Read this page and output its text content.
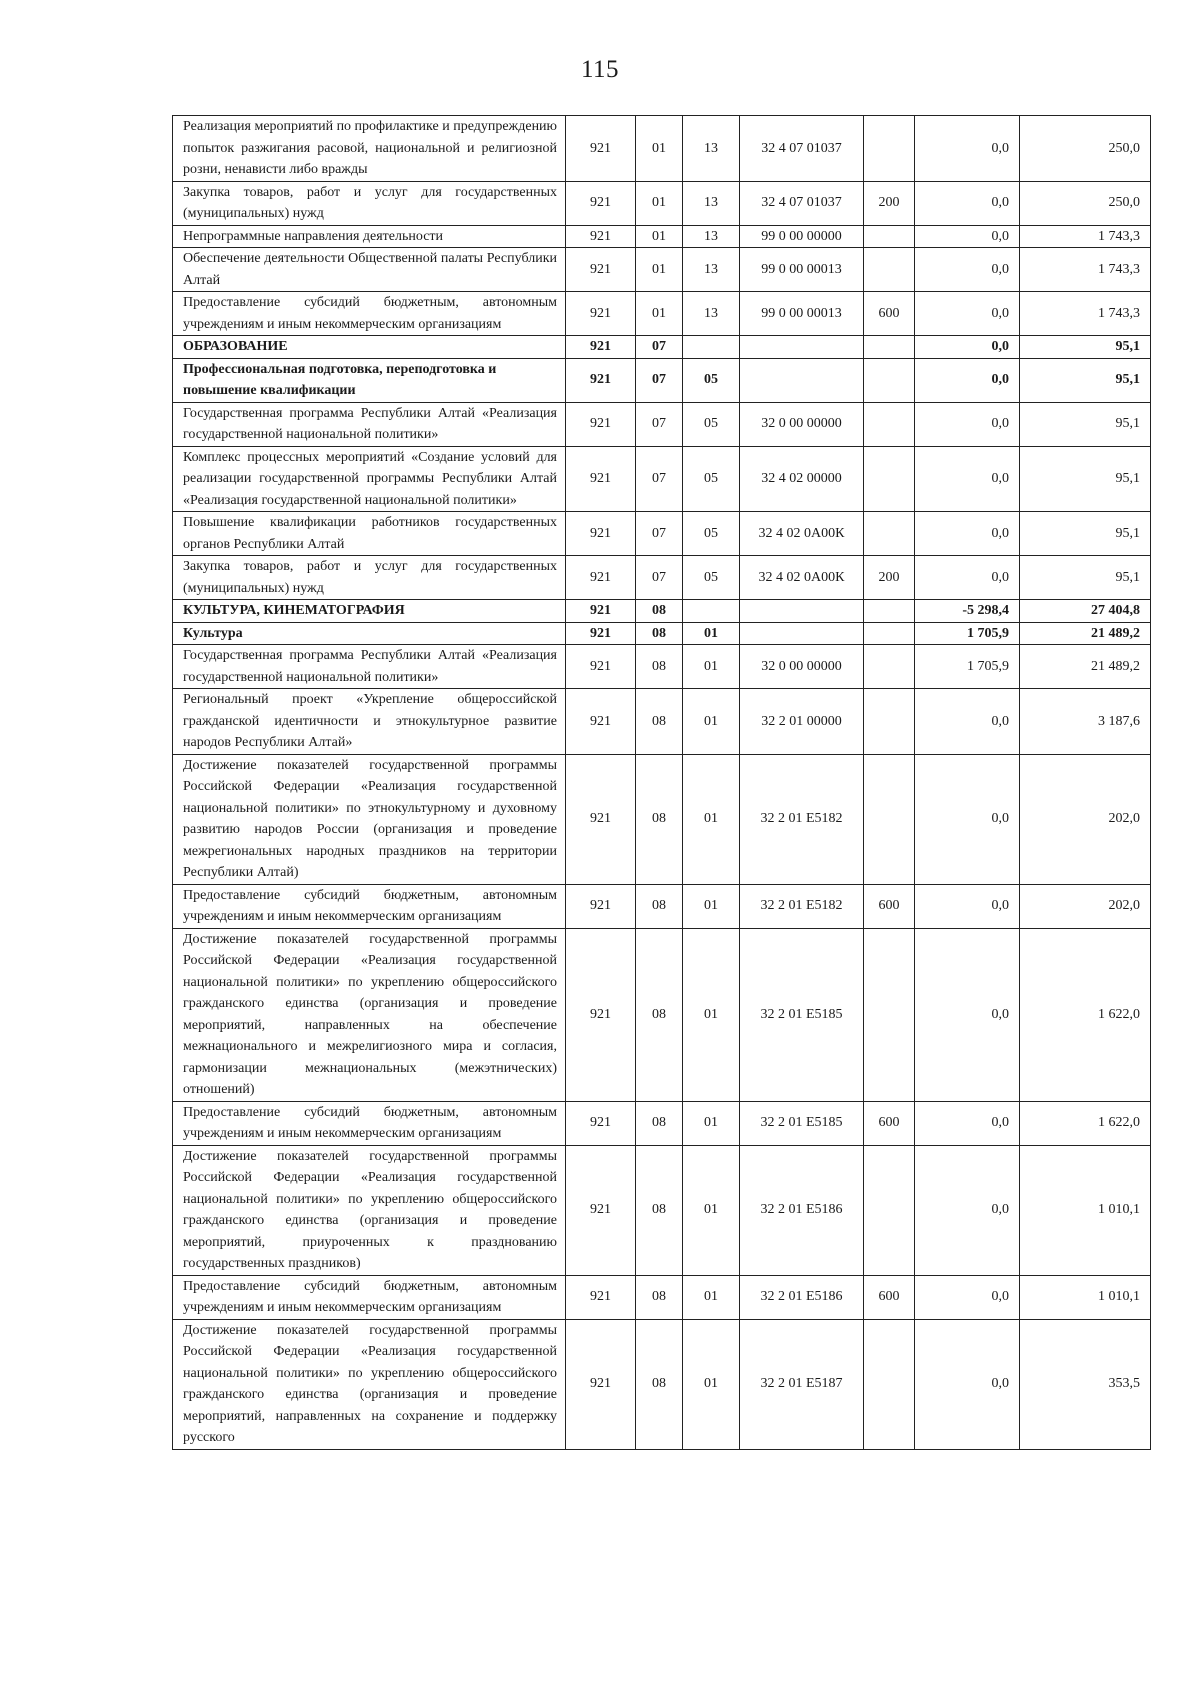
115
Реализация мероприятий по профилактике и предупреждению попыток разжигания расовой, национальной и религиозной розни, ненависти либо вражды	921	01	13	32 4 07 01037		0,0	250,0
Закупка товаров, работ и услуг для государственных (муниципальных) нужд	921	01	13	32 4 07 01037	200	0,0	250,0
Непрограммные направления деятельности	921	01	13	99 0 00 00000		0,0	1 743,3
Обеспечение деятельности Общественной палаты Республики Алтай	921	01	13	99 0 00 00013		0,0	1 743,3
Предоставление субсидий бюджетным, автономным учреждениям и иным некоммерческим организациям	921	01	13	99 0 00 00013	600	0,0	1 743,3
ОБРАЗОВАНИЕ	921	07				0,0	95,1
Профессиональная подготовка, переподготовка и повышение квалификации	921	07	05			0,0	95,1
Государственная программа Республики Алтай «Реализация государственной национальной политики»	921	07	05	32 0 00 00000		0,0	95,1
Комплекс процессных мероприятий «Создание условий для реализации государственной программы Республики Алтай «Реализация государственной национальной политики»	921	07	05	32 4 02 00000		0,0	95,1
Повышение квалификации работников государственных органов Республики Алтай	921	07	05	32 4 02 0А00К		0,0	95,1
Закупка товаров, работ и услуг для государственных (муниципальных) нужд	921	07	05	32 4 02 0А00К	200	0,0	95,1
КУЛЬТУРА, КИНЕМАТОГРАФИЯ	921	08				-5 298,4	27 404,8
Культура	921	08	01			1 705,9	21 489,2
Государственная программа Республики Алтай «Реализация государственной национальной политики»	921	08	01	32 0 00 00000		1 705,9	21 489,2
Региональный проект «Укрепление общероссийской гражданской идентичности и этнокультурное развитие народов Республики Алтай»	921	08	01	32 2 01 00000		0,0	3 187,6
Достижение показателей государственной программы Российской Федерации «Реализация государственной национальной политики» по этнокультурному и духовному развитию народов России (организация и проведение межрегиональных народных праздников на территории Республики Алтай)	921	08	01	32 2 01 E5182		0,0	202,0
Предоставление субсидий бюджетным, автономным учреждениям и иным некоммерческим организациям	921	08	01	32 2 01 E5182	600	0,0	202,0
Достижение показателей государственной программы Российской Федерации «Реализация государственной национальной политики» по укреплению общероссийского гражданского единства (организация и проведение мероприятий, направленных на обеспечение межнационального и межрелигиозного мира и согласия, гармонизации межнациональных (межэтнических) отношений)	921	08	01	32 2 01 E5185		0,0	1 622,0
Предоставление субсидий бюджетным, автономным учреждениям и иным некоммерческим организациям	921	08	01	32 2 01 E5185	600	0,0	1 622,0
Достижение показателей государственной программы Российской Федерации «Реализация государственной национальной политики» по укреплению общероссийского гражданского единства (организация и проведение мероприятий, приуроченных к празднованию государственных праздников)	921	08	01	32 2 01 E5186		0,0	1 010,1
Предоставление субсидий бюджетным, автономным учреждениям и иным некоммерческим организациям	921	08	01	32 2 01 E5186	600	0,0	1 010,1
Достижение показателей государственной программы Российской Федерации «Реализация государственной национальной политики» по укреплению общероссийского гражданского единства (организация и проведение мероприятий, направленных на сохранение и поддержку русского	921	08	01	32 2 01 E5187		0,0	353,5
